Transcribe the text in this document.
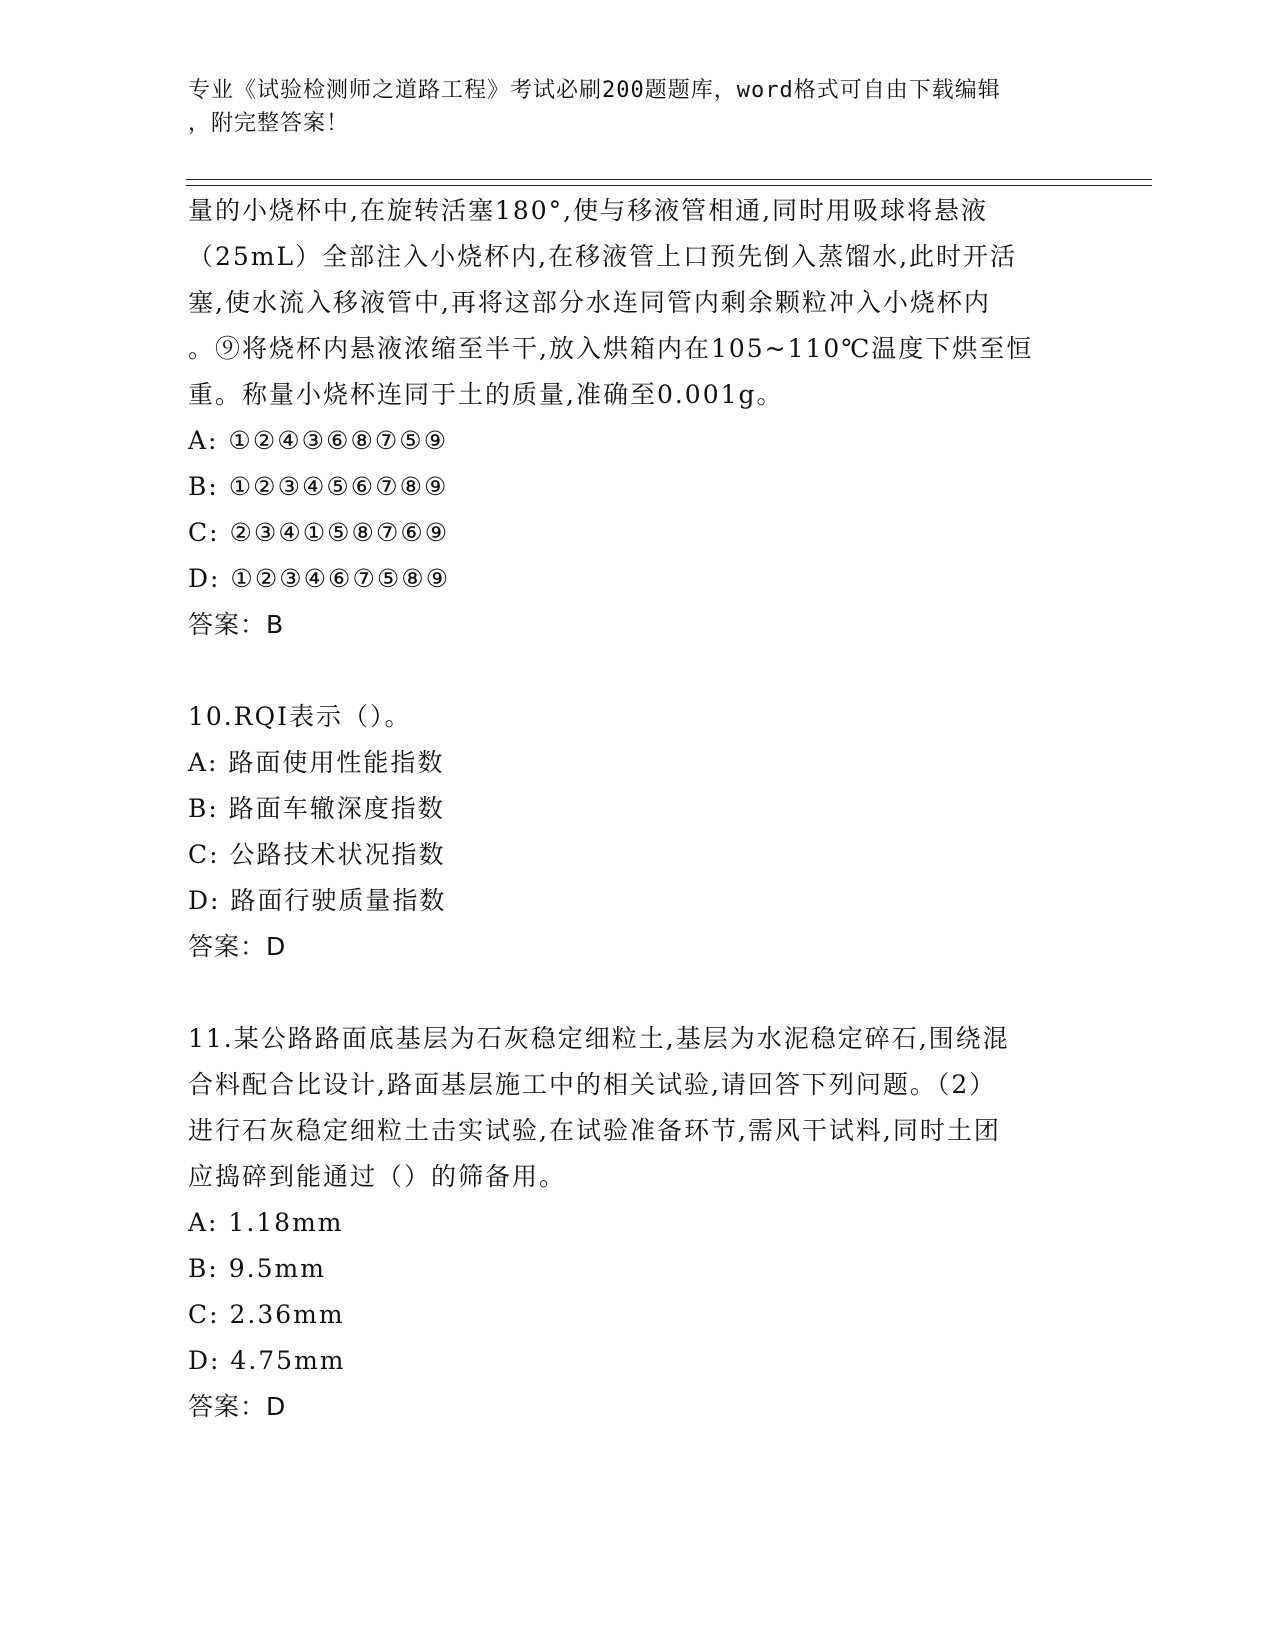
专业《试验检测师之道路工程》考试必刷200题题库，word格式可自由下载编辑
，附完整答案！
量的小烧杯中,在旋转活塞180°,使与移液管相通,同时用吸球将悬液
（25mL）全部注入小烧杯内,在移液管上口预先倒入蒸馏水,此时开活
塞,使水流入移液管中,再将这部分水连同管内剩余颗粒冲入小烧杯内
。⑨将烧杯内悬液浓缩至半干,放入烘箱内在105~110℃温度下烘至恒
重。称量小烧杯连同于土的质量,准确至0.001g。
A: ①②④③⑥⑧⑦⑤⑨
B: ①②③④⑤⑥⑦⑧⑨
C: ②③④①⑤⑧⑦⑥⑨
D: ①②③④⑥⑦⑤⑧⑨
答案：B
10.RQI表示（）。
A: 路面使用性能指数
B: 路面车辙深度指数
C: 公路技术状况指数
D: 路面行驶质量指数
答案：D
11.某公路路面底基层为石灰稳定细粒土,基层为水泥稳定碎石,围绕混
合料配合比设计,路面基层施工中的相关试验,请回答下列问题。（2）
进行石灰稳定细粒土击实试验,在试验准备环节,需风干试料,同时土团
应捣碎到能通过（）的筛备用。
A: 1.18mm
B: 9.5mm
C: 2.36mm
D: 4.75mm
答案：D
